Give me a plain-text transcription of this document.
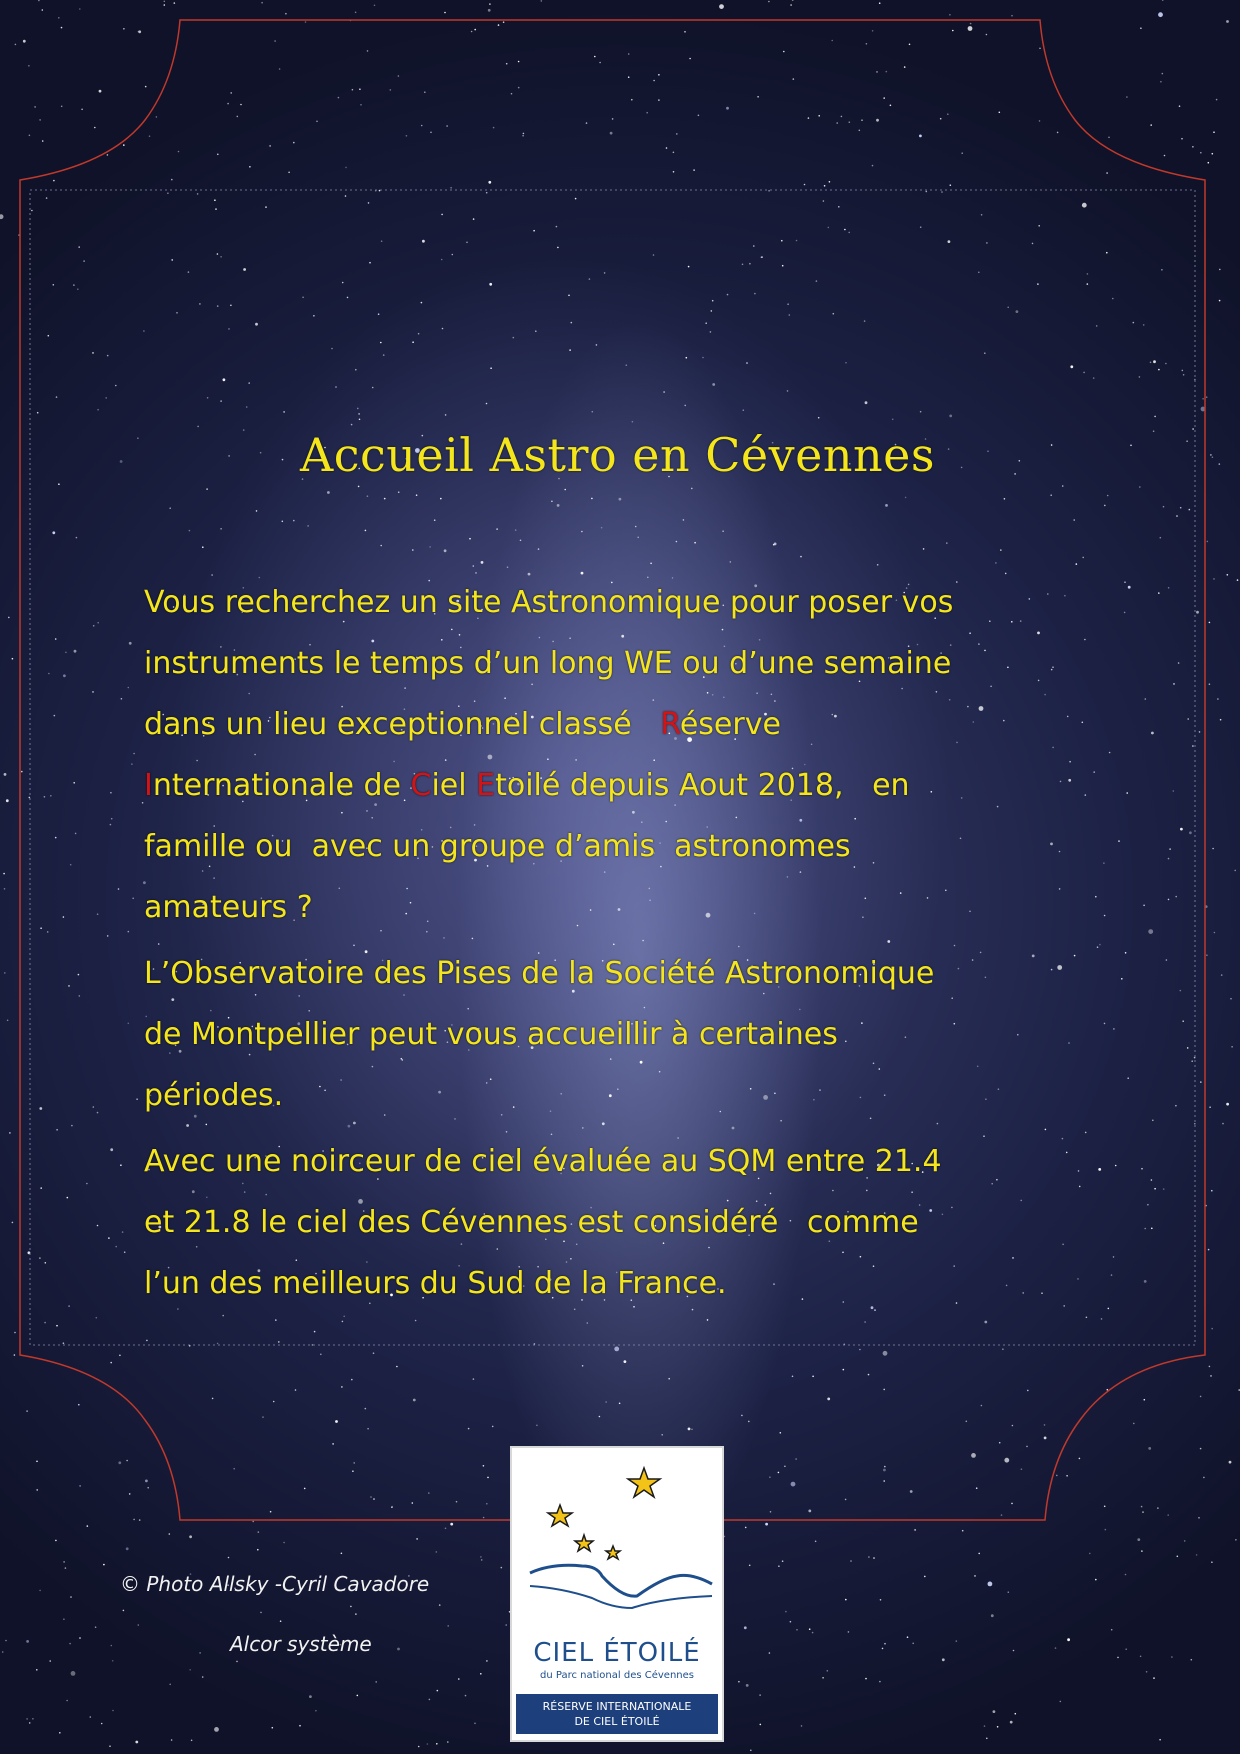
Accueil Astro en Cévennes

Vous recherchez un site Astronomique pour poser vos
instruments le temps d’un long WE ou d’une semaine
dans un lieu exceptionnel classé   Réserve
Internationale de Ciel Etoilé depuis Aout 2018,   en
famille ou  avec un groupe d’amis  astronomes
amateurs ?

L’Observatoire des Pises de la Société Astronomique
de Montpellier peut vous accueillir à certaines
périodes.

Avec une noirceur de ciel évaluée au SQM entre 21.4
et 21.8 le ciel des Cévennes est considéré   comme
l’un des meilleurs du Sud de la France.

© Photo Allsky -Cyril Cavadore
Alcor système	CIEL ÉTOILÉ
du Parc national des Cévennes
RÉSERVE INTERNATIONALE
DE CIEL ÉTOILÉ
